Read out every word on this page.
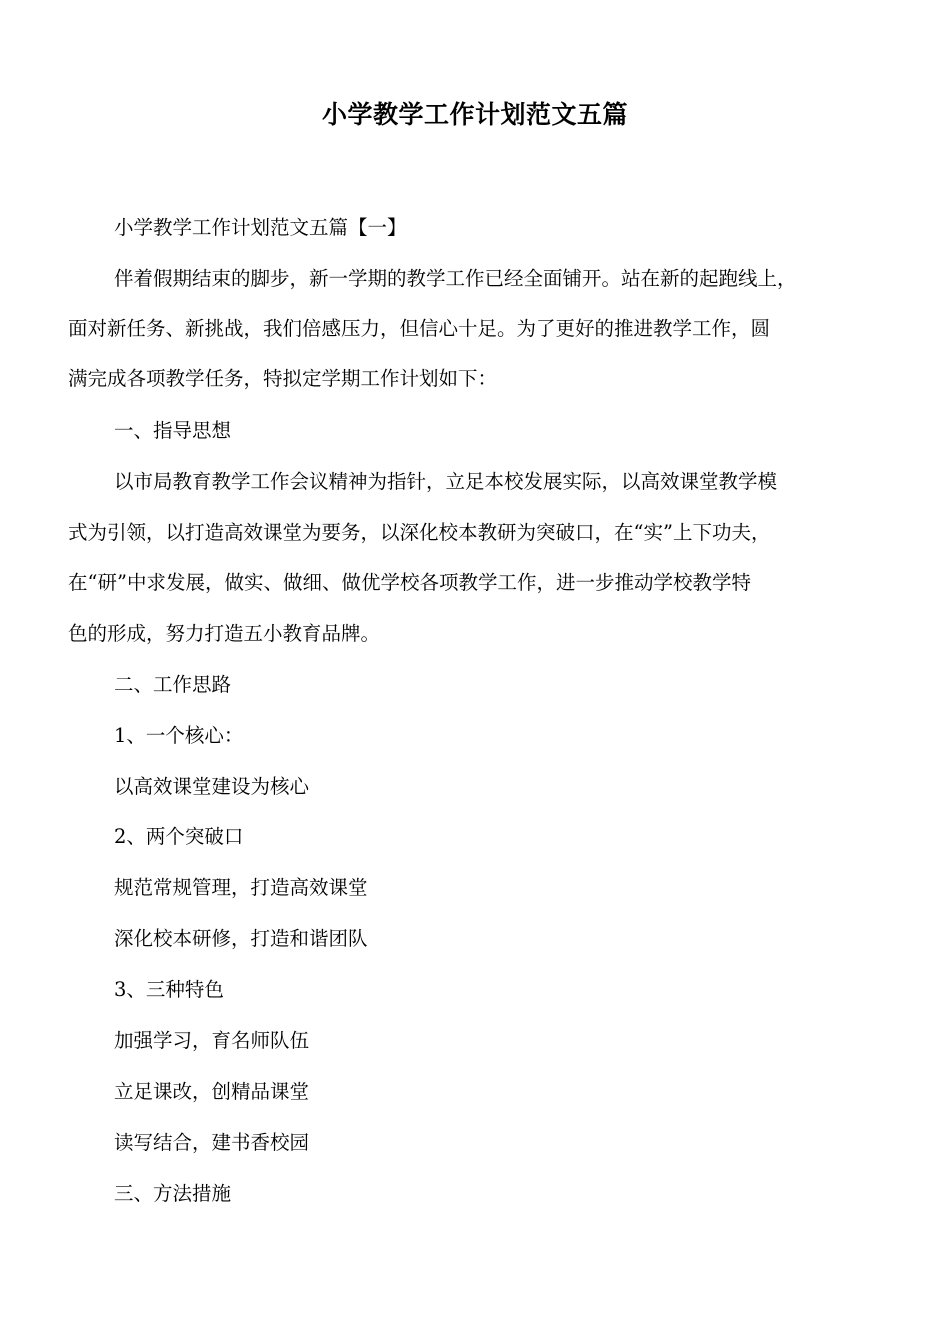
小学教学工作计划范文五篇
小学教学工作计划范文五篇【一】
伴着假期结束的脚步，新一学期的教学工作已经全面铺开。站在新的起跑线上，
面对新任务、新挑战，我们倍感压力，但信心十足。为了更好的推进教学工作，圆
满完成各项教学任务，特拟定学期工作计划如下：
一、指导思想
以市局教育教学工作会议精神为指针，立足本校发展实际，以高效课堂教学模
式为引领，以打造高效课堂为要务，以深化校本教研为突破口，在“实”上下功夫，
在“研”中求发展，做实、做细、做优学校各项教学工作，进一步推动学校教学特
色的形成，努力打造五小教育品牌。
二、工作思路
1、一个核心：
以高效课堂建设为核心
2、两个突破口
规范常规管理，打造高效课堂
深化校本研修，打造和谐团队
3、三种特色
加强学习，育名师队伍
立足课改，创精品课堂
读写结合，建书香校园
三、方法措施
